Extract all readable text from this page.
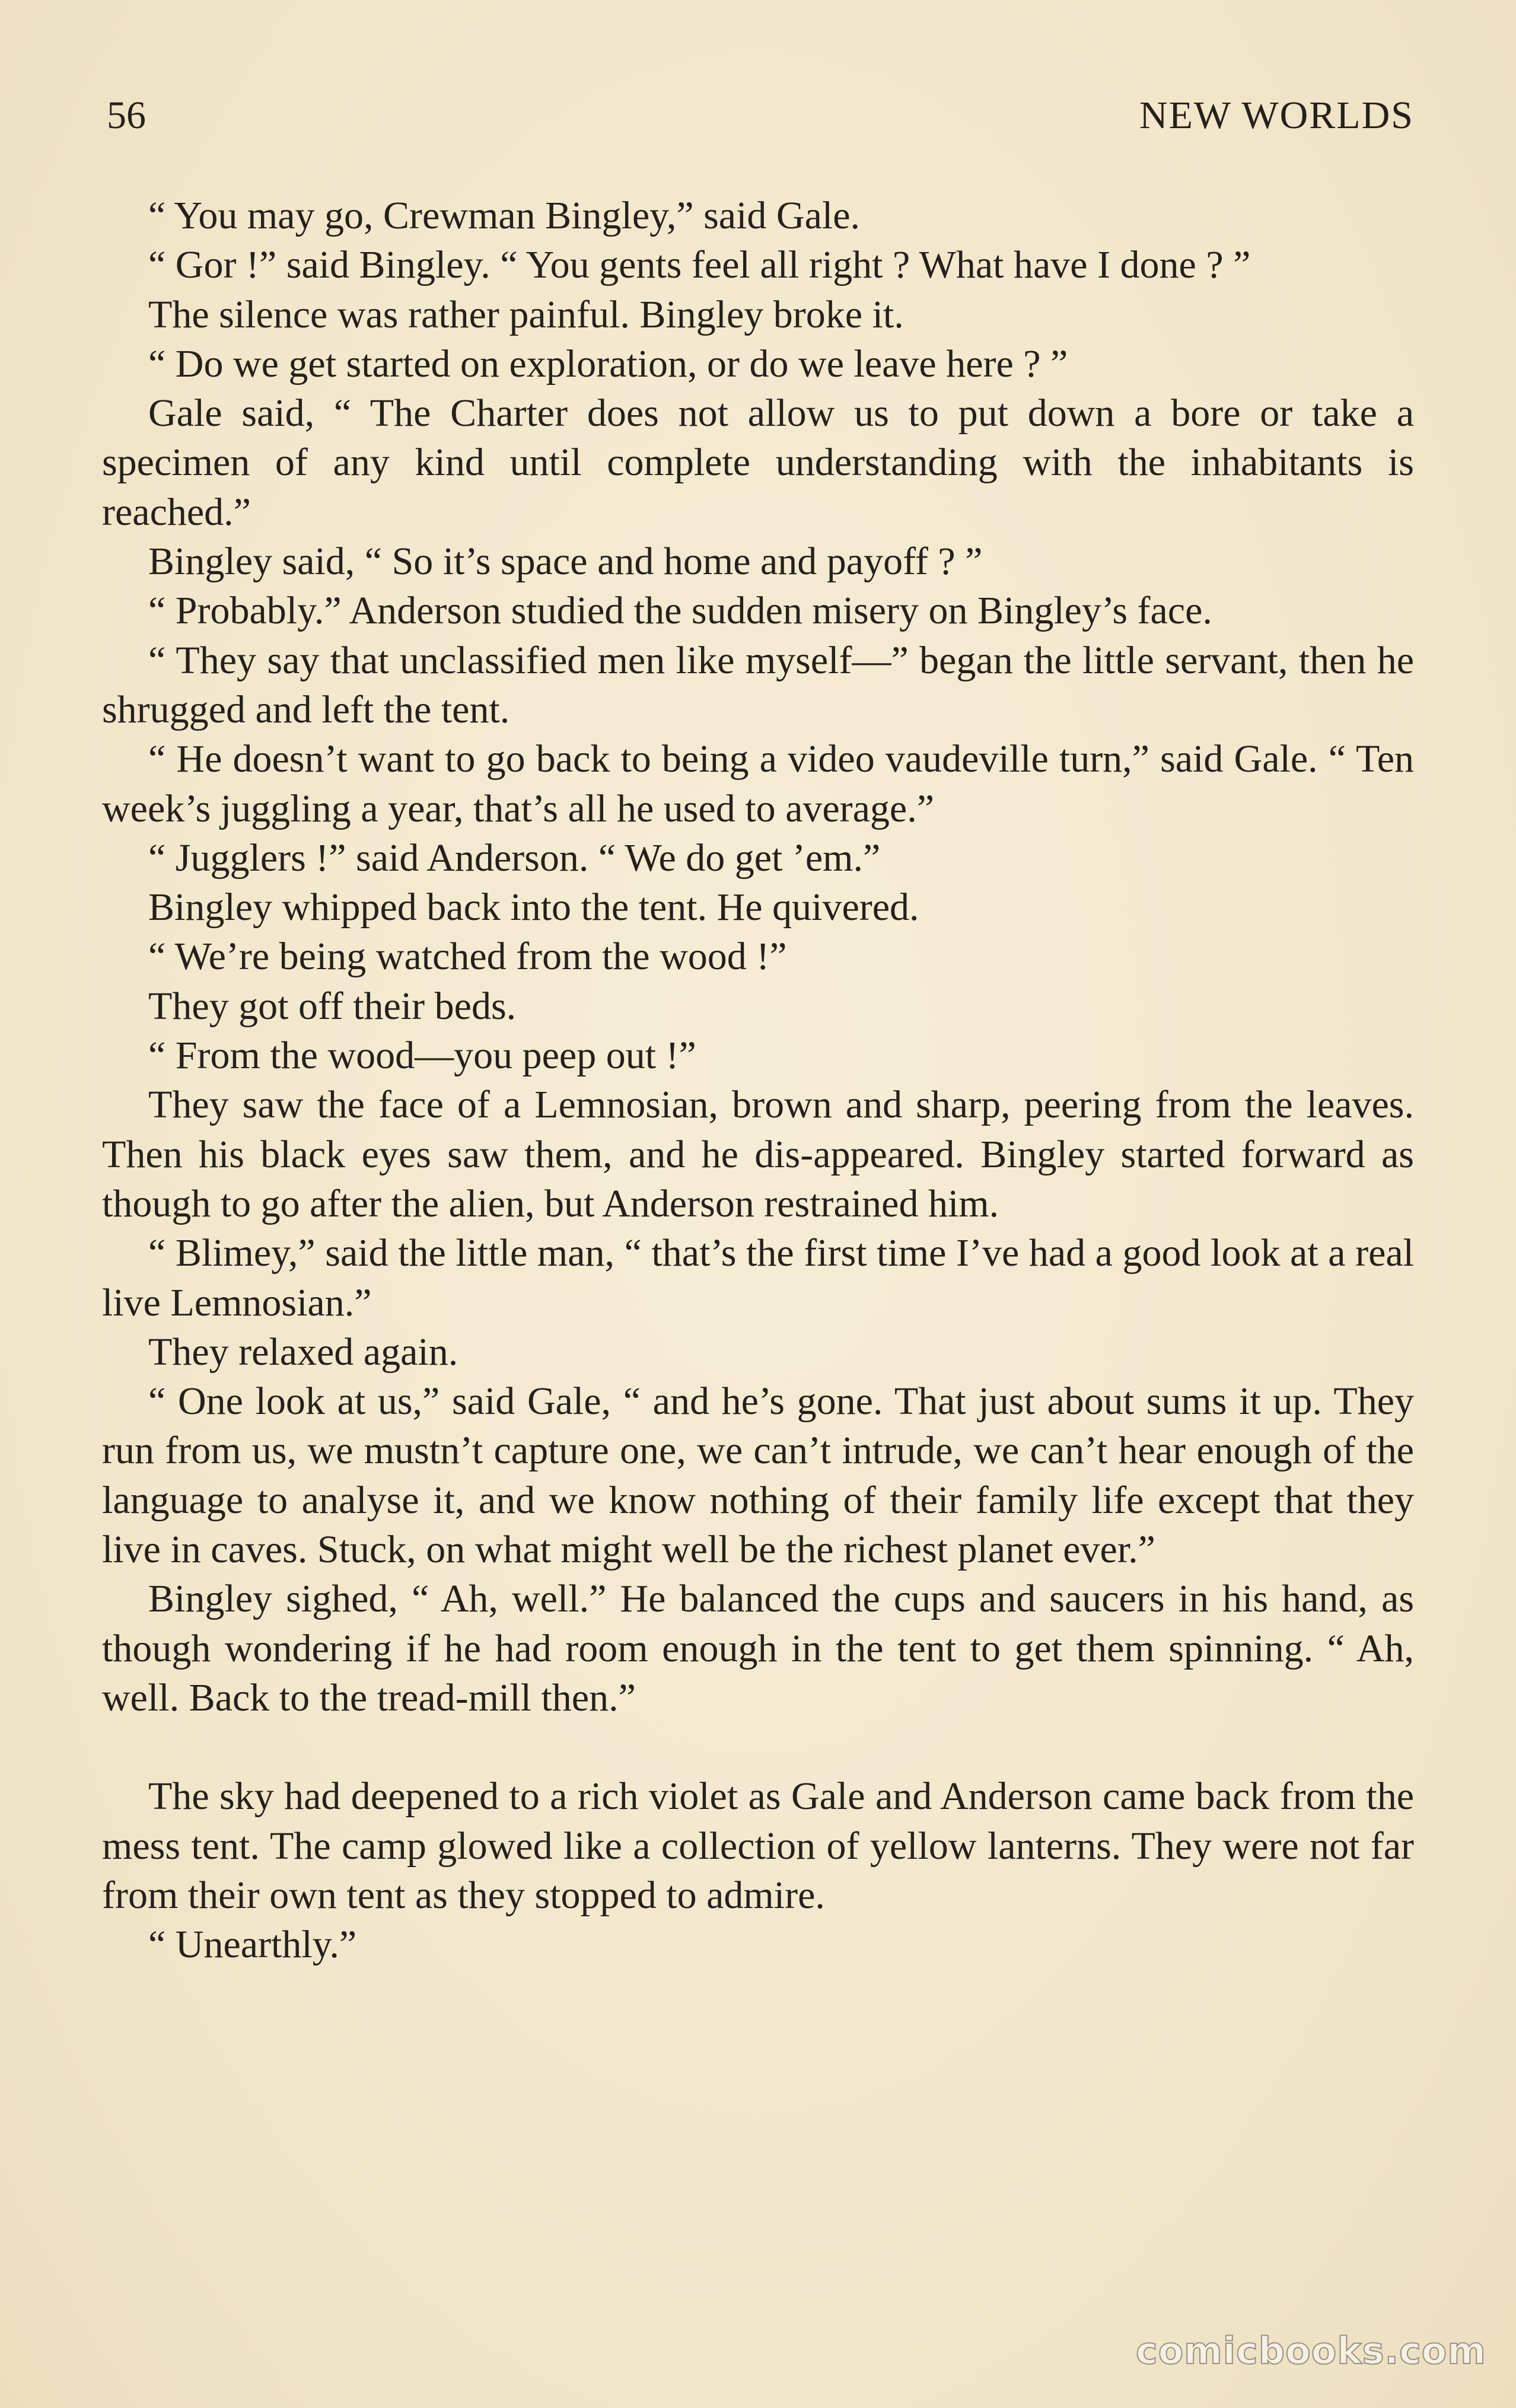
56	NEW WORLDS

“ You may go, Crewman Bingley,” said Gale.

“ Gor !” said Bingley. “ You gents feel all right ? What have I done ? ”

The silence was rather painful. Bingley broke it.

“ Do we get started on exploration, or do we leave here ? ”

Gale said, “ The Charter does not allow us to put down a bore or take a specimen of any kind until complete understanding with the inhabitants is reached.”

Bingley said, “ So it’s space and home and payoff ? ”

“ Probably.” Anderson studied the sudden misery on Bingley’s face.

“ They say that unclassified men like myself—” began the little servant, then he shrugged and left the tent.

“ He doesn’t want to go back to being a video vaudeville turn,” said Gale. “ Ten week’s juggling a year, that’s all he used to average.”

“ Jugglers !” said Anderson. “ We do get ’em.”

Bingley whipped back into the tent. He quivered.

“ We’re being watched from the wood !”

They got off their beds.

“ From the wood—you peep out !”

They saw the face of a Lemnosian, brown and sharp, peering from the leaves. Then his black eyes saw them, and he dis-appeared. Bingley started forward as though to go after the alien, but Anderson restrained him.

“ Blimey,” said the little man, “ that’s the first time I’ve had a good look at a real live Lemnosian.”

They relaxed again.

“ One look at us,” said Gale, “ and he’s gone. That just about sums it up. They run from us, we mustn’t capture one, we can’t intrude, we can’t hear enough of the language to analyse it, and we know nothing of their family life except that they live in caves. Stuck, on what might well be the richest planet ever.”

Bingley sighed, “ Ah, well.” He balanced the cups and saucers in his hand, as though wondering if he had room enough in the tent to get them spinning. “ Ah, well. Back to the tread-mill then.”

The sky had deepened to a rich violet as Gale and Anderson came back from the mess tent. The camp glowed like a collection of yellow lanterns. They were not far from their own tent as they stopped to admire.

“ Unearthly.”

comicbooks.com
